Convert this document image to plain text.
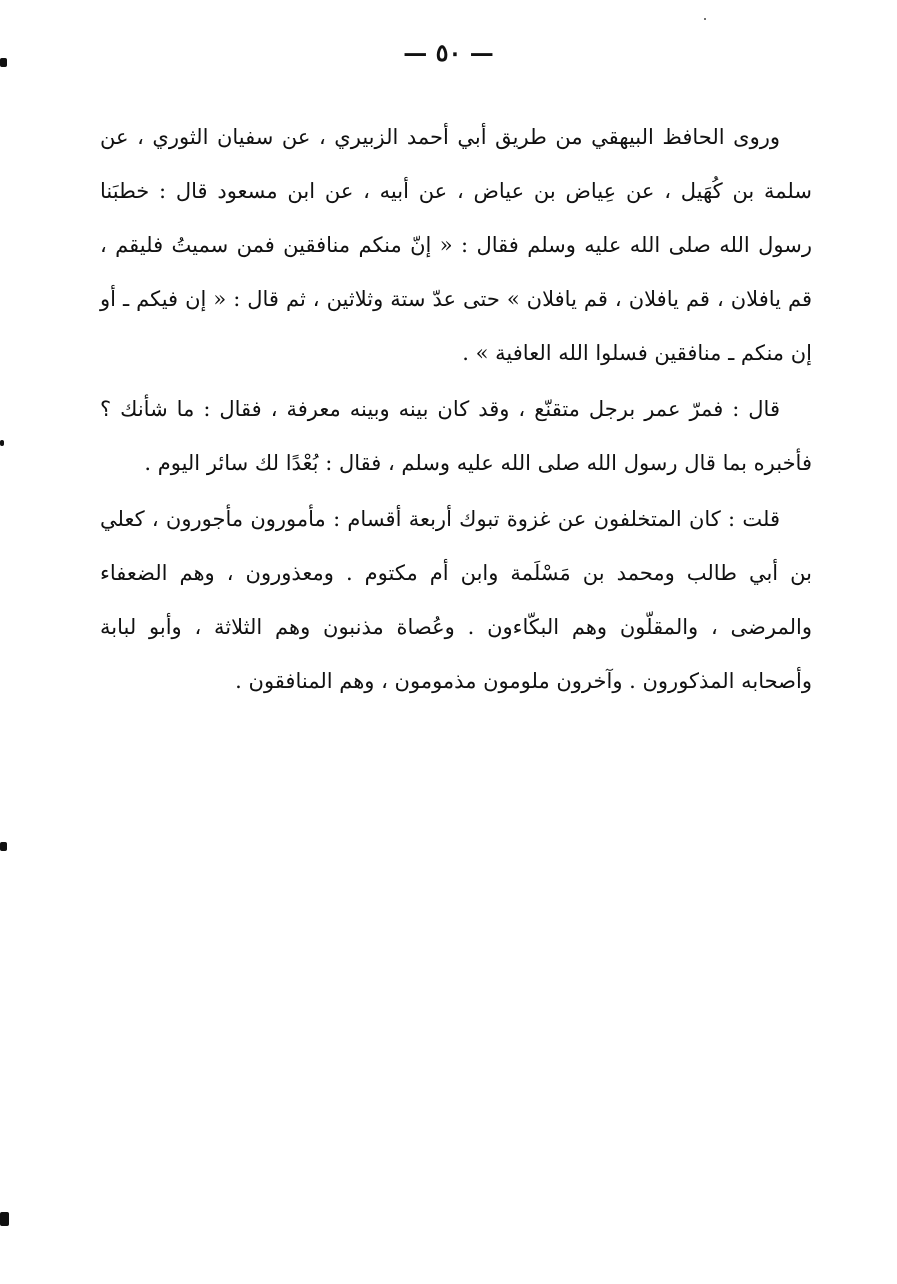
— ٥٠ —

وروى الحافظ البيهقي من طريق أبي أحمد الزبيري ، عن سفيان الثوري ، عن سلمة بن كُهَيل ، عن عِياض بن عياض ، عن أبيه ، عن ابن مسعود قال : خطبَنا رسول الله صلى الله عليه وسلم فقال : « إنّ منكم منافقين فمن سميتُ فليقم ، قم يافلان ، قم يافلان ، قم يافلان » حتى عدّ ستة وثلاثين ، ثم قال : « إن فيكم ـ أو إن منكم ـ منافقين فسلوا الله العافية » .

قال : فمرّ عمر برجل متقنّع ، وقد كان بينه وبينه معرفة ، فقال : ما شأنك ؟ فأخبره بما قال رسول الله صلى الله عليه وسلم ، فقال : بُعْدًا لك سائر اليوم .

قلت : كان المتخلفون عن غزوة تبوك أربعة أقسام : مأمورون مأجورون ، كعلي بن أبي طالب ومحمد بن مَسْلَمة وابن أم مكتوم . ومعذورون ، وهم الضعفاء والمرضى ، والمقلّون وهم البكّاءون . وعُصاة مذنبون وهم الثلاثة ، وأبو لبابة وأصحابه المذكورون . وآخرون ملومون مذمومون ، وهم المنافقون .
